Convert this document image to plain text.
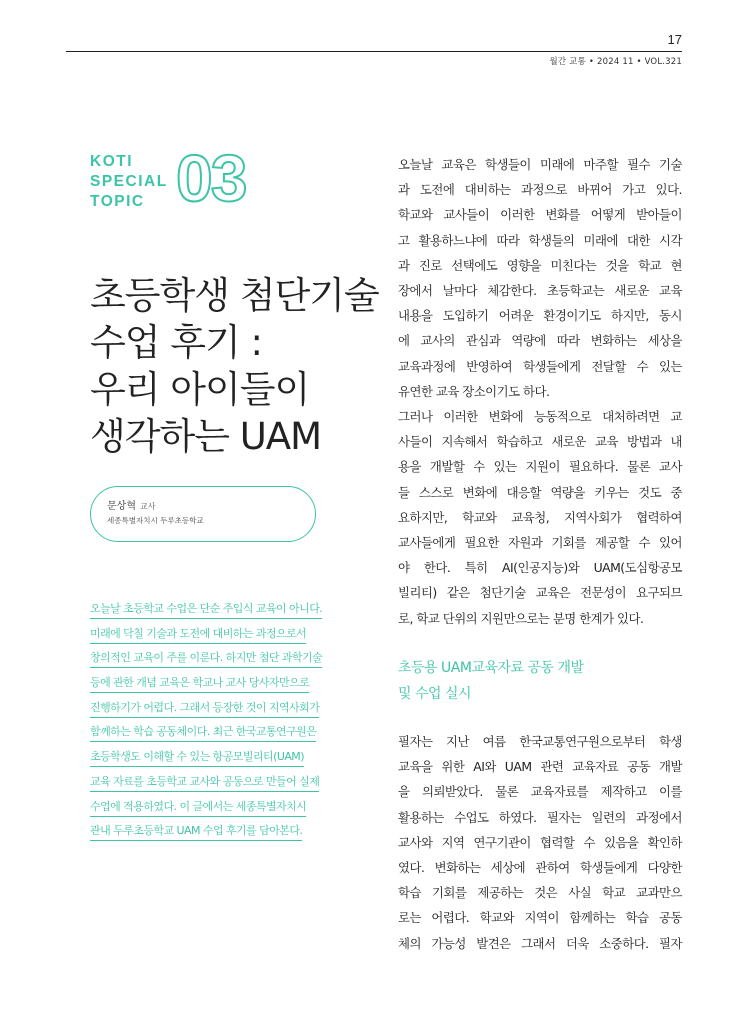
17
월간 교통 • 2024 11 • VOL.321
KOTI
SPECIAL
TOPIC 03
초등학생 첨단기술
수업 후기 :
우리 아이들이
생각하는 UAM
문상혁 교사
세종특별자치시 두루초등학교
오늘날 초등학교 수업은 단순 주입식 교육이 아니다.
미래에 닥칠 기술과 도전에 대비하는 과정으로서
창의적인 교육이 주를 이룬다. 하지만 첨단 과학기술
등에 관한 개념 교육은 학교나 교사 당사자만으로
진행하기가 어렵다. 그래서 등장한 것이 지역사회가
함께하는 학습 공동체이다. 최근 한국교통연구원은
초등학생도 이해할 수 있는 항공모빌리티(UAM)
교육 자료를 초등학교 교사와 공동으로 만들어 실제
수업에 적용하였다. 이 글에서는 세종특별자치시
관내 두루초등학교 UAM 수업 후기를 담아본다.
오늘날 교육은 학생들이 미래에 마주할 필수 기술
과 도전에 대비하는 과정으로 바뀌어 가고 있다.
학교와 교사들이 이러한 변화를 어떻게 받아들이
고 활용하느냐에 따라 학생들의 미래에 대한 시각
과 진로 선택에도 영향을 미친다는 것을 학교 현
장에서 날마다 체감한다. 초등학교는 새로운 교육
내용을 도입하기 어려운 환경이기도 하지만, 동시
에 교사의 관심과 역량에 따라 변화하는 세상을
교육과정에 반영하여 학생들에게 전달할 수 있는
유연한 교육 장소이기도 하다.
그러나 이러한 변화에 능동적으로 대처하려면 교
사들이 지속해서 학습하고 새로운 교육 방법과 내
용을 개발할 수 있는 지원이 필요하다. 물론 교사
들 스스로 변화에 대응할 역량을 키우는 것도 중
요하지만, 학교와 교육청, 지역사회가 협력하여
교사들에게 필요한 자원과 기회를 제공할 수 있어
야 한다. 특히 AI(인공지능)와 UAM(도심항공모
빌리티) 같은 첨단기술 교육은 전문성이 요구되므
로, 학교 단위의 지원만으로는 분명 한계가 있다.
초등용 UAM교육자료 공동 개발
및 수업 실시
필자는 지난 여름 한국교통연구원으로부터 학생
교육을 위한 AI와 UAM 관련 교육자료 공동 개발
을 의뢰받았다. 물론 교육자료를 제작하고 이를
활용하는 수업도 하였다. 필자는 일련의 과정에서
교사와 지역 연구기관이 협력할 수 있음을 확인하
였다. 변화하는 세상에 관하여 학생들에게 다양한
학습 기회를 제공하는 것은 사실 학교 교과만으
로는 어렵다. 학교와 지역이 함께하는 학습 공동
체의 가능성 발견은 그래서 더욱 소중하다. 필자
